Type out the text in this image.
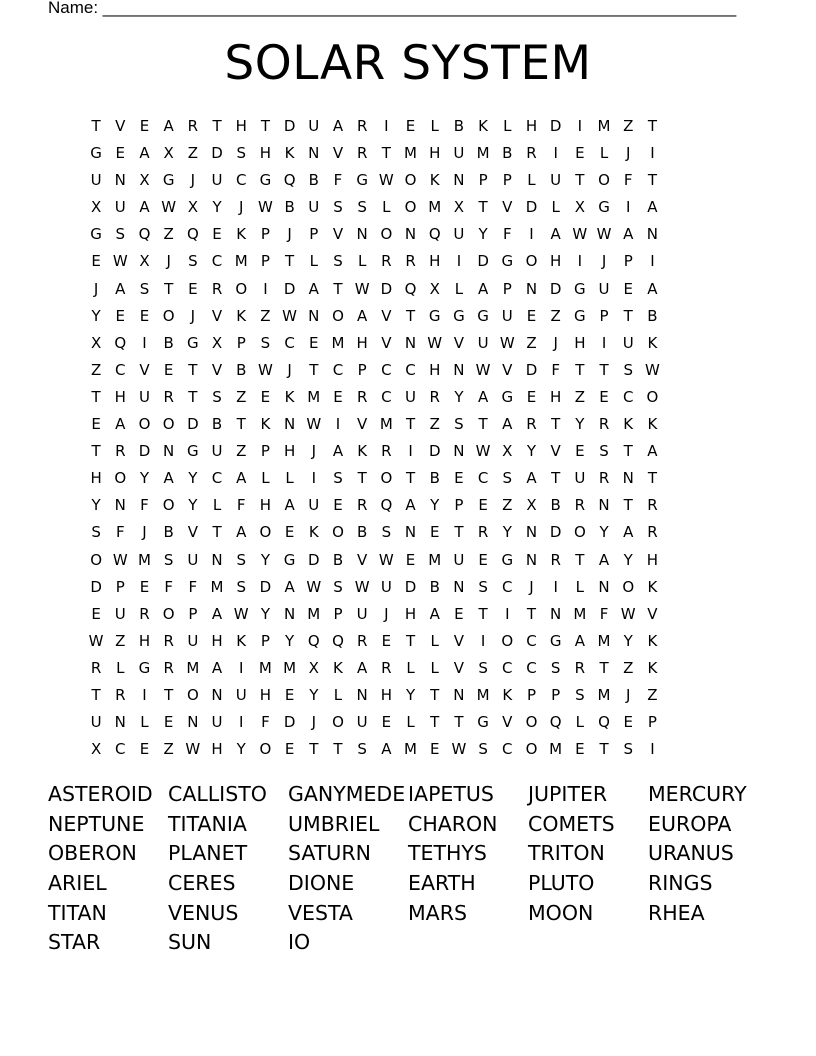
Name: ___________________________________________________________________
SOLAR SYSTEM
T V E A R T H T D U A R	I	E	L B K	L H D	I	M Z T
G E A X Z D S H K N V R T M H U M B R	I	E	L	J	I
U N X G	J	U C G Q B F G W O K N P	P	L U T O F	T
X U A W X Y	J W B U S S	L O M X T V D L X G	I	A
G S Q Z Q E K P	J	P V N O N Q U Y	F	I	A W W A N
E W X	J	S C M P	T	L	S	L R R H	I	D G O H	I	J	P	I
J	A S T E R O	I	D A T W D Q X L A P N D G U E A
Y E E O	J	V K Z W N O A V T G G G U E Z G P	T B
X Q	I	B G X P S C E M H V N W V U W Z	J	H	I	U K
Z C V E T V B W J	T C P C C H N W V D F	T	T S W
T H U R T S Z E K M E R C U R Y A G E H Z E C O
E A O O D B T K N W I	V M T Z S T A R T	Y R K K
T R D N G U Z P H	J	A K R	I	D N W X Y V E S T A
H O Y A Y C A L	L	I	S T O T B E C S A T U R N T
Y N F O Y	L	F H A U E R Q A Y	P E Z X B R N T R
S	F	J	B V T A O E K O B S N E T R Y N D O Y A R
O W M S U N S Y G D B V W E M U E G N R T A Y H
D P E	F	F M S D A W S W U D B N S C	J	I	L N O K
E U R O P A W Y N M P U	J	H A E T	I	T N M F W V
W Z H R U H K P	Y Q Q R E T	L V	I	O C G A M Y K
R L G R M A	I	M M X K A R L	L V S C C S R T Z K
T R	I	T O N U H E Y	L N H Y	T N M K P	P S M	J	Z
U N L	E N U	I	F D	J	O U E	L	T	T G V O Q L Q E P
X C E Z W H Y O E T	T S A M E W S C O M E T S	I
ASTEROID CALLISTO	GANYMEDE IAPETUS	JUPITER	MERCURY
NEPTUNE	TITANIA	UMBRIEL	CHARON	COMETS	EUROPA
OBERON	PLANET	SATURN	TETHYS	TRITON	URANUS
ARIEL	CERES	DIONE	EARTH	PLUTO	RINGS
TITAN	VENUS	VESTA	MARS	MOON	RHEA
STAR	SUN	IO
